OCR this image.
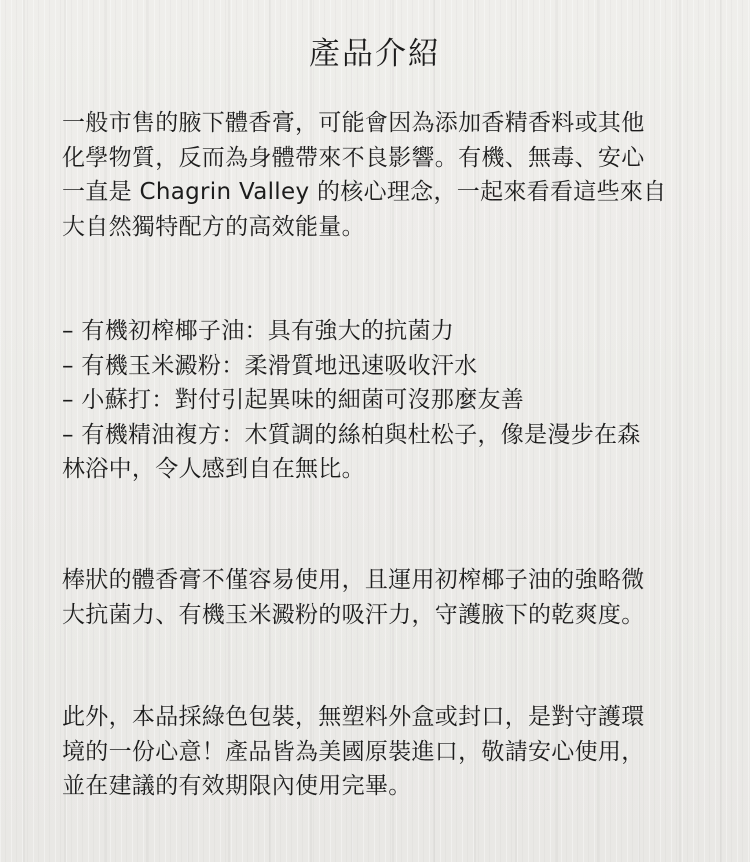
產品介紹
一般市售的腋下體香膏，可能會因為添加香精香料或其他
化學物質，反而為身體帶來不良影響。有機、無毒、安心
一直是 Chagrin Valley 的核心理念，一起來看看這些來自
大自然獨特配方的高效能量。
– 有機初榨椰子油：具有強大的抗菌力
– 有機玉米澱粉：柔滑質地迅速吸收汗水
– 小蘇打：對付引起異味的細菌可沒那麼友善
– 有機精油複方：木質調的絲柏與杜松子，像是漫步在森
林浴中，令人感到自在無比。
棒狀的體香膏不僅容易使用，且運用初榨椰子油的強略微
大抗菌力、有機玉米澱粉的吸汗力，守護腋下的乾爽度。
此外，本品採綠色包裝，無塑料外盒或封口，是對守護環
境的一份心意！產品皆為美國原裝進口，敬請安心使用，
並在建議的有效期限內使用完畢。
